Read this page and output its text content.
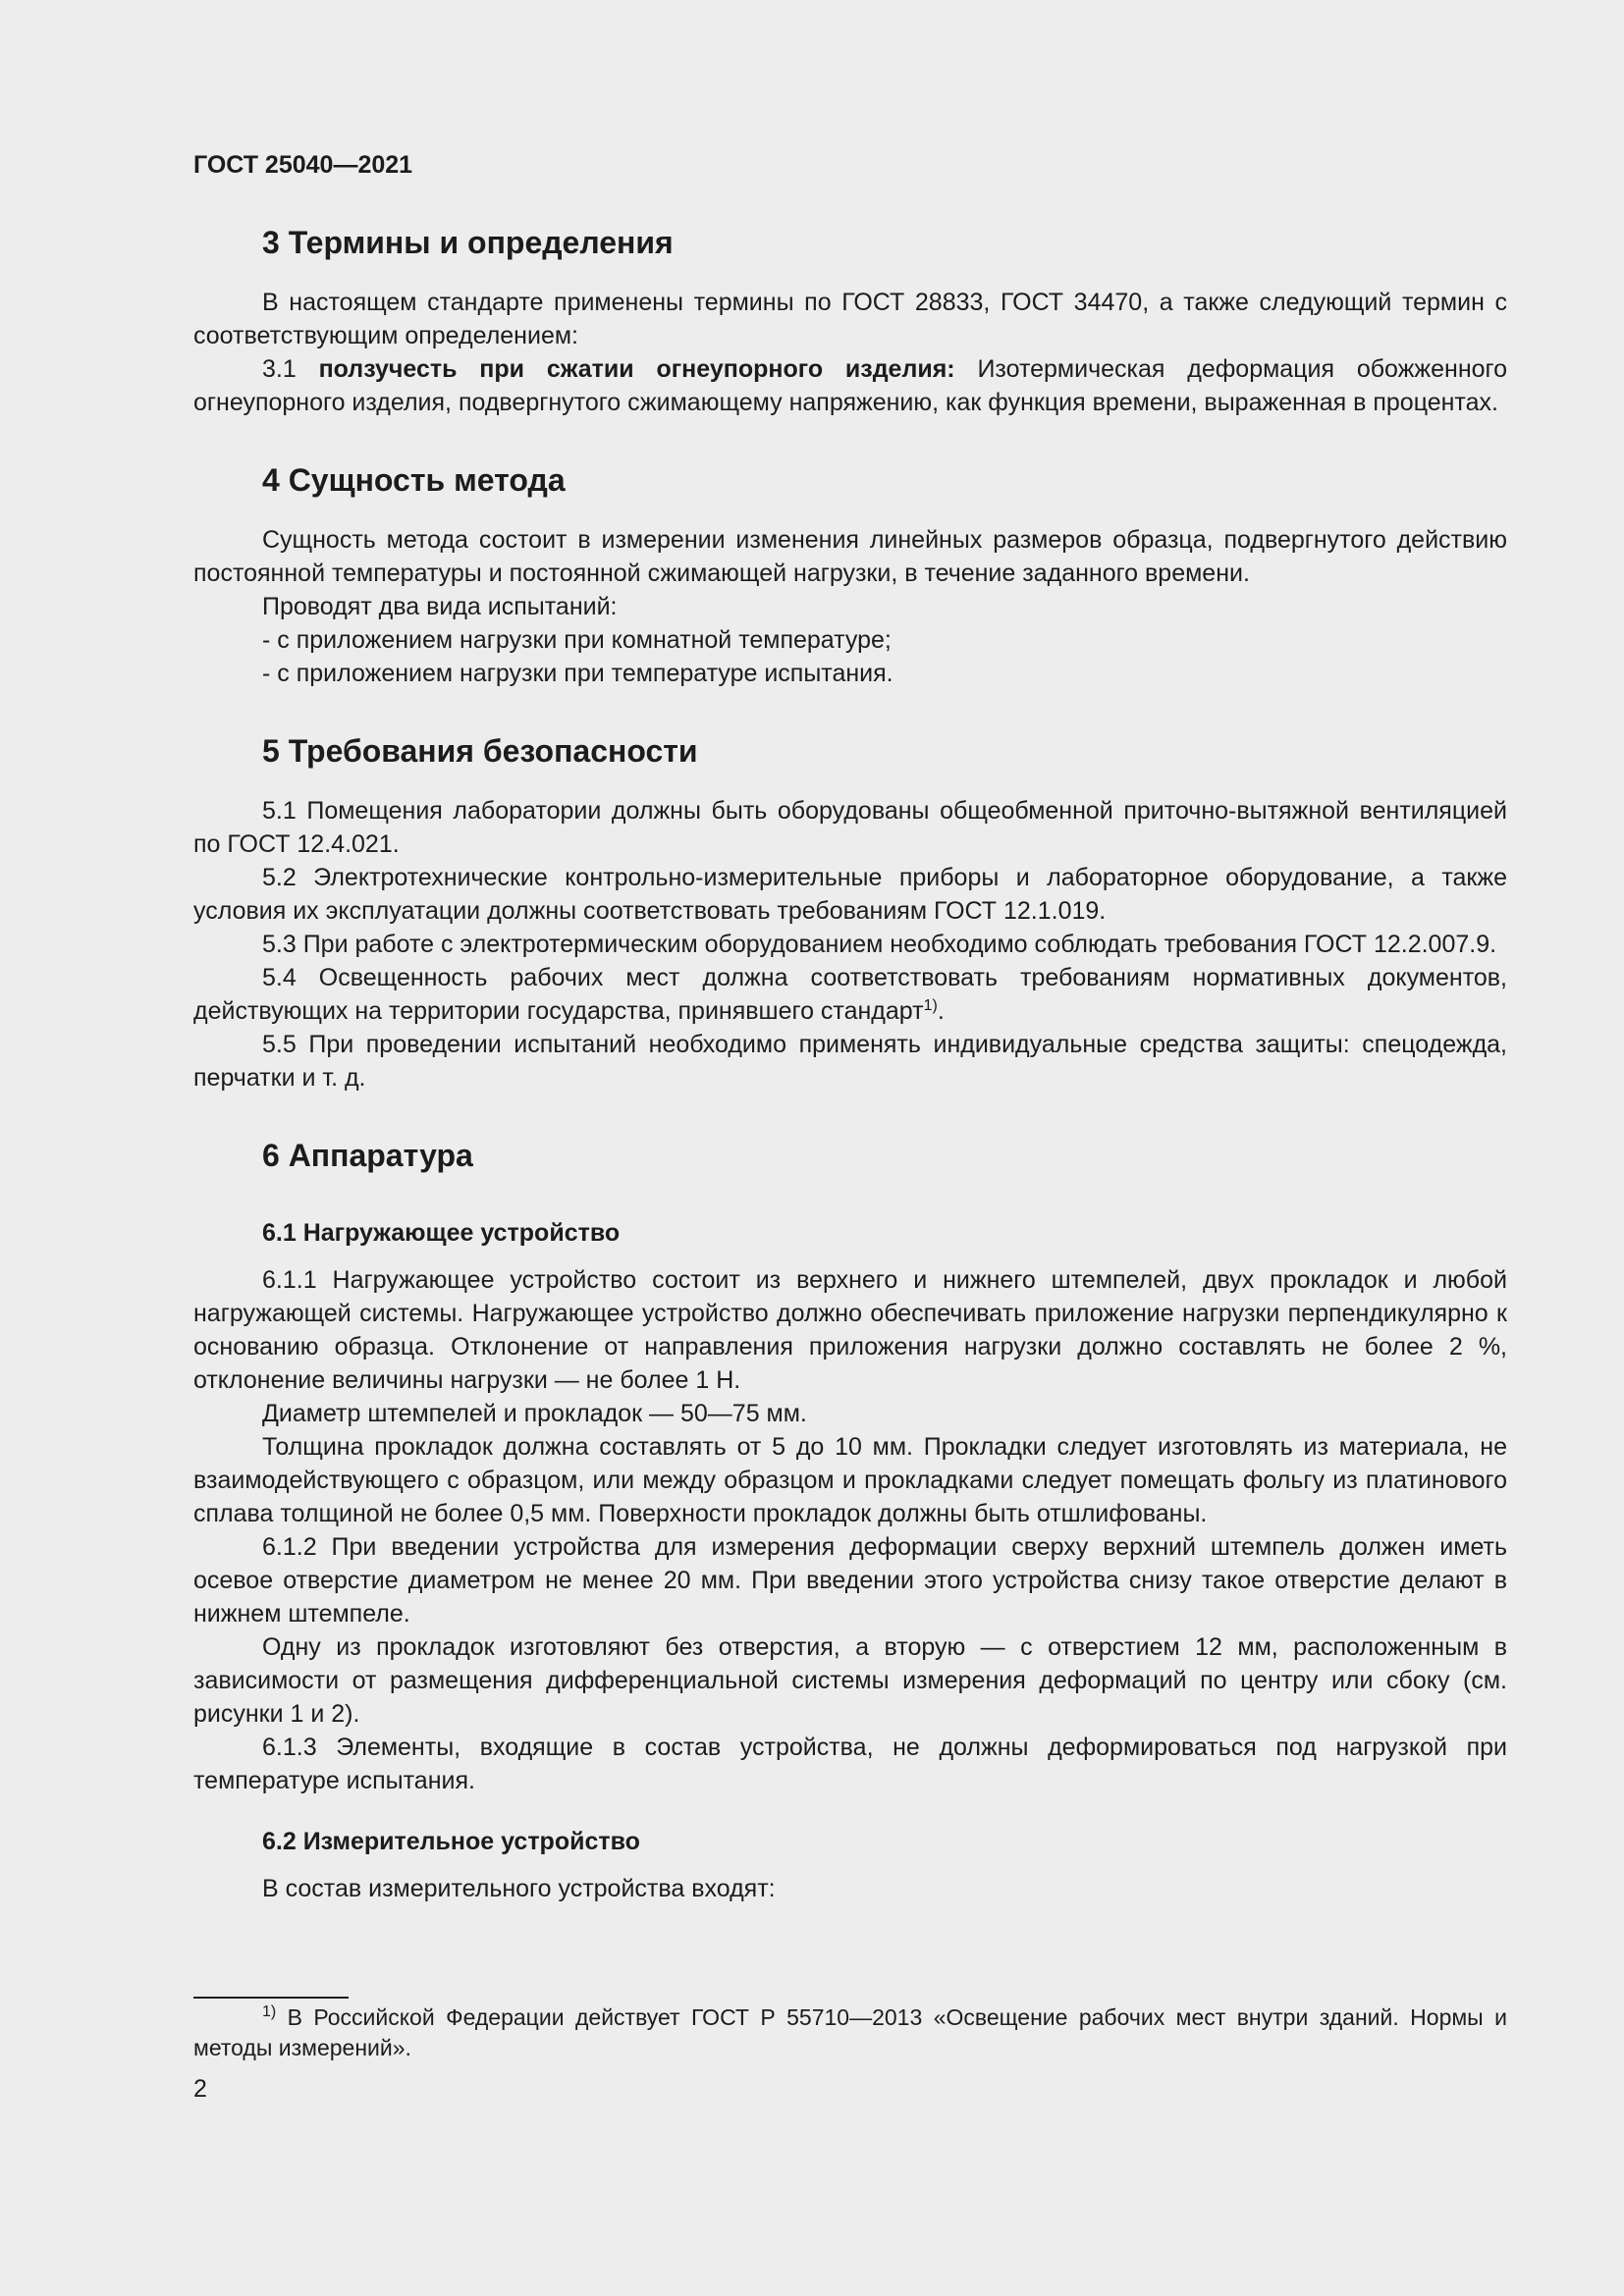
ГОСТ 25040—2021
3 Термины и определения

В настоящем стандарте применены термины по ГОСТ 28833, ГОСТ 34470, а также следующий термин с соответствующим определением:

3.1 ползучесть при сжатии огнеупорного изделия: Изотермическая деформация обожженного огнеупорного изделия, подвергнутого сжимающему напряжению, как функция времени, выраженная в процентах.

4 Сущность метода

Сущность метода состоит в измерении изменения линейных размеров образца, подвергнутого действию постоянной температуры и постоянной сжимающей нагрузки, в течение заданного времени.

Проводят два вида испытаний:

- с приложением нагрузки при комнатной температуре;

- с приложением нагрузки при температуре испытания.

5 Требования безопасности

5.1 Помещения лаборатории должны быть оборудованы общеобменной приточно-вытяжной вентиляцией по ГОСТ 12.4.021.

5.2 Электротехнические контрольно-измерительные приборы и лабораторное оборудование, а также условия их эксплуатации должны соответствовать требованиям ГОСТ 12.1.019.

5.3 При работе с электротермическим оборудованием необходимо соблюдать требования ГОСТ 12.2.007.9.

5.4 Освещенность рабочих мест должна соответствовать требованиям нормативных документов, действующих на территории государства, принявшего стандарт$^{1)}$.

5.5 При проведении испытаний необходимо применять индивидуальные средства защиты: спецодежда, перчатки и т. д.

6 Аппаратура
6.1 Нагружающее устройство

6.1.1 Нагружающее устройство состоит из верхнего и нижнего штемпелей, двух прокладок и любой нагружающей системы. Нагружающее устройство должно обеспечивать приложение нагрузки перпендикулярно к основанию образца. Отклонение от направления приложения нагрузки должно составлять не более 2 %, отклонение величины нагрузки — не более 1 Н.

Диаметр штемпелей и прокладок — 50—75 мм.

Толщина прокладок должна составлять от 5 до 10 мм. Прокладки следует изготовлять из материала, не взаимодействующего с образцом, или между образцом и прокладками следует помещать фольгу из платинового сплава толщиной не более 0,5 мм. Поверхности прокладок должны быть отшлифованы.

6.1.2 При введении устройства для измерения деформации сверху верхний штемпель должен иметь осевое отверстие диаметром не менее 20 мм. При введении этого устройства снизу такое отверстие делают в нижнем штемпеле.

Одну из прокладок изготовляют без отверстия, а вторую — с отверстием 12 мм, расположенным в зависимости от размещения дифференциальной системы измерения деформаций по центру или сбоку (см. рисунки 1 и 2).

6.1.3 Элементы, входящие в состав устройства, не должны деформироваться под нагрузкой при температуре испытания.

6.2 Измерительное устройство

В состав измерительного устройства входят:

$^{1)}$ В Российской Федерации действует ГОСТ Р 55710—2013 «Освещение рабочих мест внутри зданий. Нормы и методы измерений».

2
